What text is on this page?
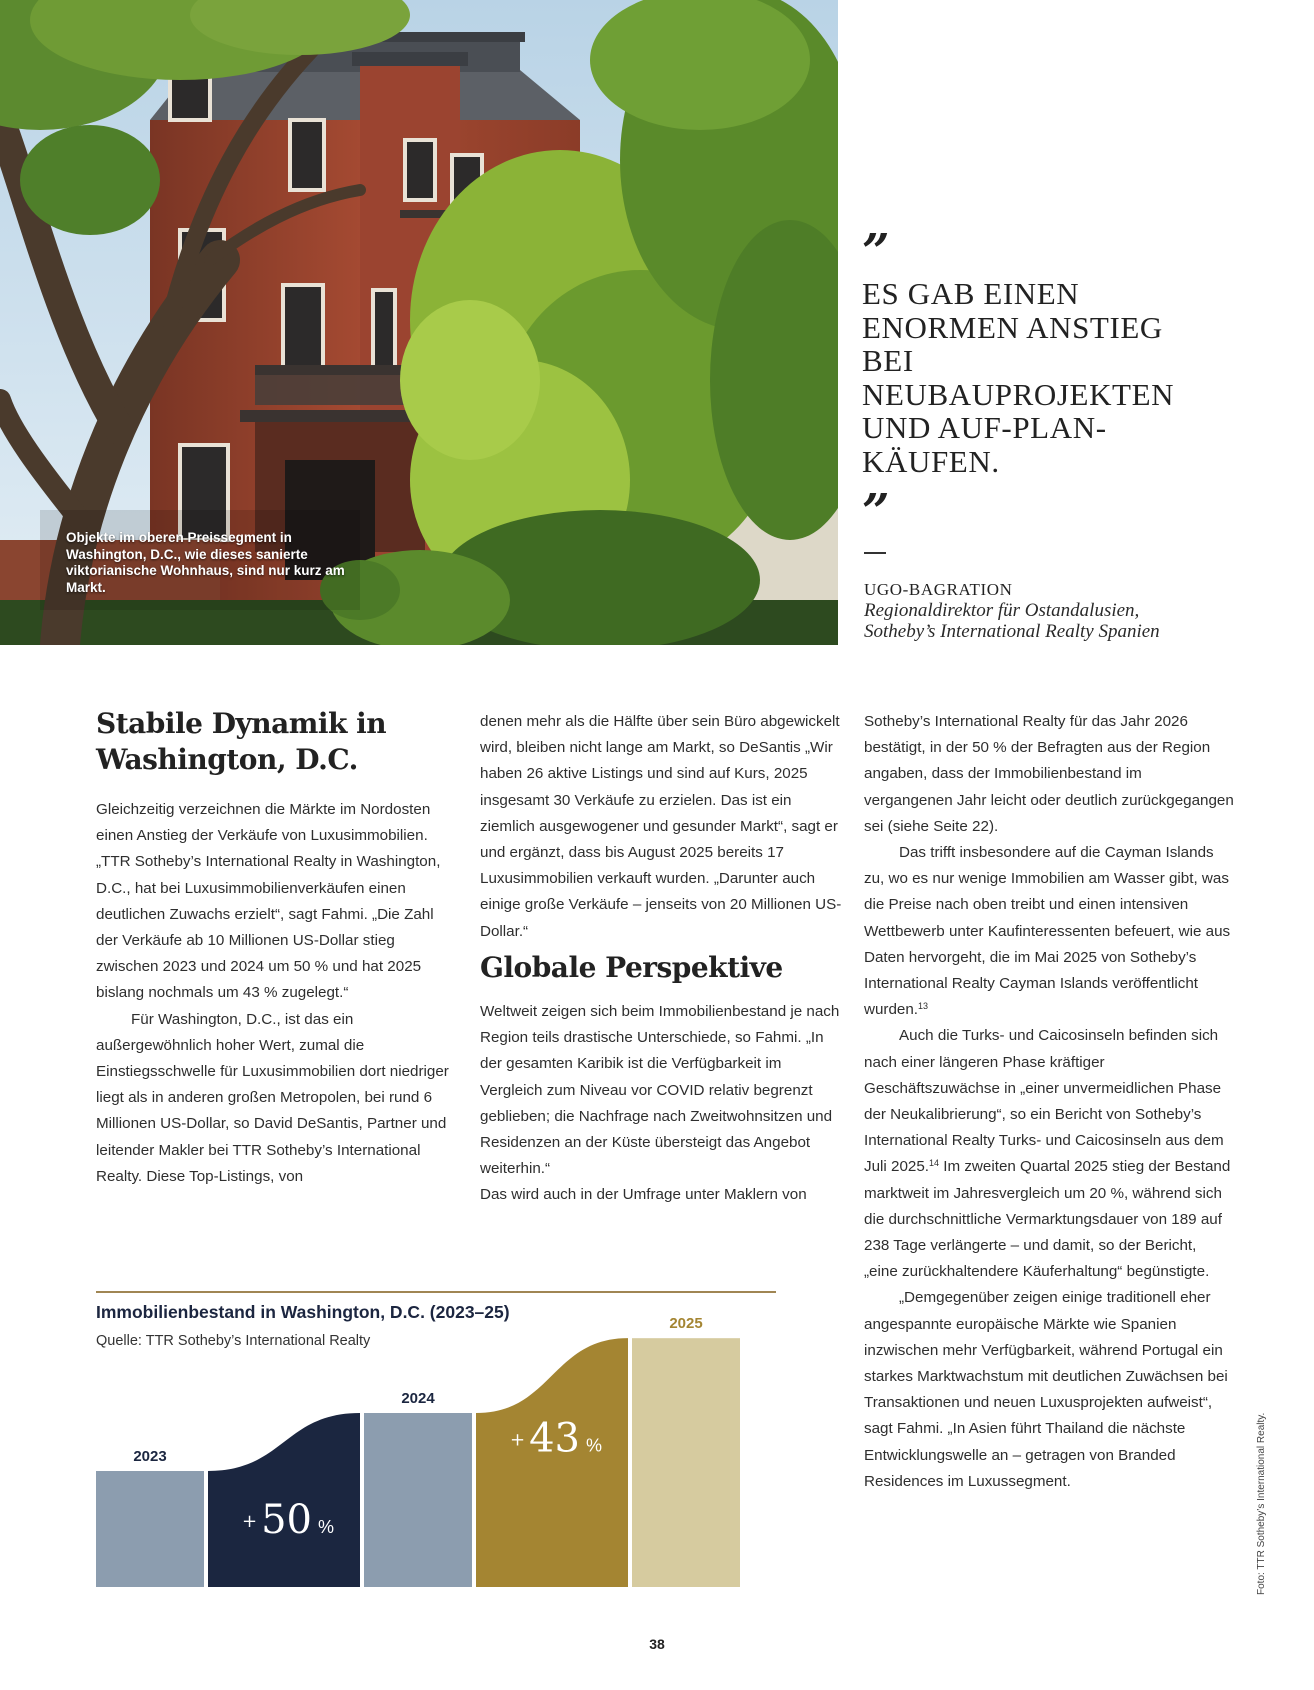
Objekte im oberen Preissegment in Washington, D.C., wie dieses sanierte viktorianische Wohnhaus, sind nur kurz am Markt.
”

ES GAB EINEN ENORMEN ANSTIEG BEI NEUBAUPROJEKTEN UND AUF-PLAN-KÄUFEN.

”
UGO-BAGRATION
Regionaldirektor für Ostandalusien,
Sotheby’s International Realty Spanien
Stabile Dynamik in Washington, D.C.

Gleichzeitig verzeichnen die Märkte im Nordosten einen Anstieg der Verkäufe von Luxusimmobilien. „TTR Sotheby’s International Realty in Washington, D.C., hat bei Luxusimmobilienverkäufen einen deutlichen Zuwachs erzielt“, sagt Fahmi. „Die Zahl der Verkäufe ab 10 Millionen US-Dollar stieg zwischen 2023 und 2024 um 50 % und hat 2025 bislang nochmals um 43 % zugelegt.“

Für Washington, D.C., ist das ein außergewöhnlich hoher Wert, zumal die Einstiegsschwelle für Luxusimmobilien dort niedriger liegt als in anderen großen Metropolen, bei rund 6 Millionen US-Dollar, so David DeSantis, Partner und leitender Makler bei TTR Sotheby’s International Realty. Diese Top-Listings, von

denen mehr als die Hälfte über sein Büro abgewickelt wird, bleiben nicht lange am Markt, so DeSantis „Wir haben 26 aktive Listings und sind auf Kurs, 2025 insgesamt 30 Verkäufe zu erzielen. Das ist ein ziemlich ausgewogener und gesunder Markt“, sagt er und ergänzt, dass bis August 2025 bereits 17 Luxusimmobilien verkauft wurden. „Darunter auch einige große Verkäufe – jenseits von 20 Millionen US-Dollar.“

Globale Perspektive

Weltweit zeigen sich beim Immobilienbestand je nach Region teils drastische Unterschiede, so Fahmi. „In der gesamten Karibik ist die Verfügbarkeit im Vergleich zum Niveau vor COVID relativ begrenzt geblieben; die Nachfrage nach Zweitwohnsitzen und Residenzen an der Küste übersteigt das Angebot weiterhin.“

Das wird auch in der Umfrage unter Maklern von

Sotheby’s International Realty für das Jahr 2026 bestätigt, in der 50 % der Befragten aus der Region angaben, dass der Immobilienbestand im vergangenen Jahr leicht oder deutlich zurückgegangen sei (siehe Seite 22).

Das trifft insbesondere auf die Cayman Islands zu, wo es nur wenige Immobilien am Wasser gibt, was die Preise nach oben treibt und einen intensiven Wettbewerb unter Kaufinteressenten befeuert, wie aus Daten hervorgeht, die im Mai 2025 von Sotheby’s International Realty Cayman Islands veröffentlicht wurden.$^{13}$

Auch die Turks- und Caicosinseln befinden sich nach einer längeren Phase kräftiger Geschäftszuwächse in „einer unvermeidlichen Phase der Neukalibrierung“, so ein Bericht von Sotheby’s International Realty Turks- und Caicosinseln aus dem Juli 2025.14 Im zweiten Quartal 2025 stieg der Bestand marktweit im Jahresvergleich um 20 %, während sich die durchschnittliche Vermarktungsdauer von 189 auf 238 Tage verlängerte – und damit, so der Bericht, „eine zurückhaltendere Käuferhaltung“ begünstigte.

„Demgegenüber zeigen einige traditionell eher angespannte europäische Märkte wie Spanien inzwischen mehr Verfügbarkeit, während Portugal ein starkes Marktwachstum mit deutlichen Zuwächsen bei Transaktionen und neuen Luxusprojekten aufweist“, sagt Fahmi. „In Asien führt Thailand die nächste Entwicklungswelle an – getragen von Branded Residences im Luxussegment.

Immobilienbestand in Washington, D.C. (2023–25)
Quelle: TTR Sotheby’s International Realty
+ 50 %
+ 43 %
2023
2024
2025
Foto: TTR Sotheby’s International Realty.
38
